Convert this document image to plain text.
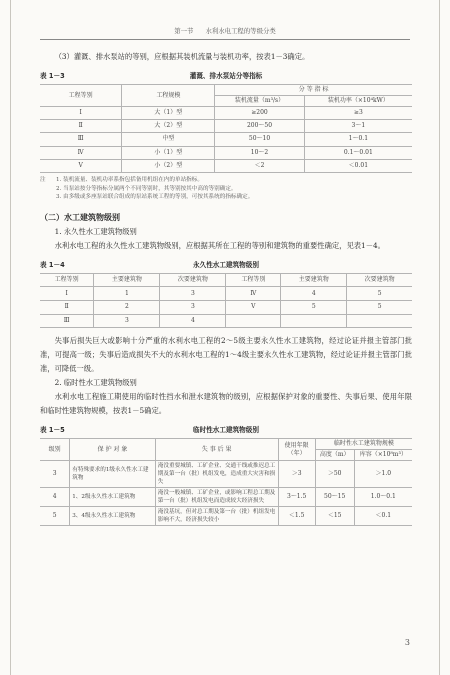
第一节 水利水电工程的等级分类

（3）灌溉、排水泵站的等别，应根据其装机流量与装机功率，按表1－3确定。

表 1－3	灌溉、排水泵站分等指标
工程等别	工程规模	分 等 指 标	
		装机流量（m³/s）	装机功率（×10⁴kW）
Ⅰ	大（1）型	≥200	≥3
Ⅱ	大（2）型	200～50	3～1
Ⅲ	中型	50～10	1～0.1
Ⅳ	小（1）型	10～2	0.1～0.01
Ⅴ	小（2）型	＜2	＜0.01
注	1. 装机流量、装机功率系指包括备用机组在内的单站指标。
2. 当泵站按分等指标分属两个不同等别时，其等别按其中高的等别确定。
3. 由多级或多座泵站联合组成的泵站系统工程的等别，可按其系统的指标确定。
（二）水工建筑物级别
1. 永久性水工建筑物级别

水利水电工程的永久性水工建筑物级别，应根据其所在工程的等别和建筑物的重要性确定，见表1－4。

表 1－4	永久性水工建筑物级别
工程等别	主要建筑物	次要建筑物	工程等别	主要建筑物	次要建筑物
Ⅰ	1	3	Ⅳ	4	5
Ⅱ	2	3	Ⅴ	5	5
Ⅲ	3	4			

失事后损失巨大或影响十分严重的水利水电工程的2～5级主要永久性水工建筑物，经过论证并报主管部门批准，可提高一级；失事后造成损失不大的水利水电工程的1～4级主要永久性水工建筑物，经过论证并报主管部门批准，可降低一级。

2. 临时性水工建筑物级别

水利水电工程施工期使用的临时性挡水和泄水建筑物的级别，应根据保护对象的重要性、失事后果、使用年限和临时性建筑物规模，按表1－5确定。

表 1－5	临时性水工建筑物级别
级别	保 护 对 象	失 事 后 果	使用年限（年）	临时性水工建筑物规模	
				高度（m）	库容（×10⁸m³）
3	有特殊要求的1级永久性水工建筑物	淹没重要城镇、工矿企业、交通干线或推迟总工期及第一台（批）机组发电，造成重大灾害和损失	＞3	＞50	＞1.0
4	1、2级永久性水工建筑物	淹没一般城镇、工矿企业，或影响工程总工期及第一台（批）机组发电而造成较大经济损失	3～1.5	50～15	1.0～0.1
5	3、4级永久性水工建筑物	淹没基坑，但对总工期及第一台（批）机组发电影响不大，经济损失较小	＜1.5	＜15	＜0.1
3
